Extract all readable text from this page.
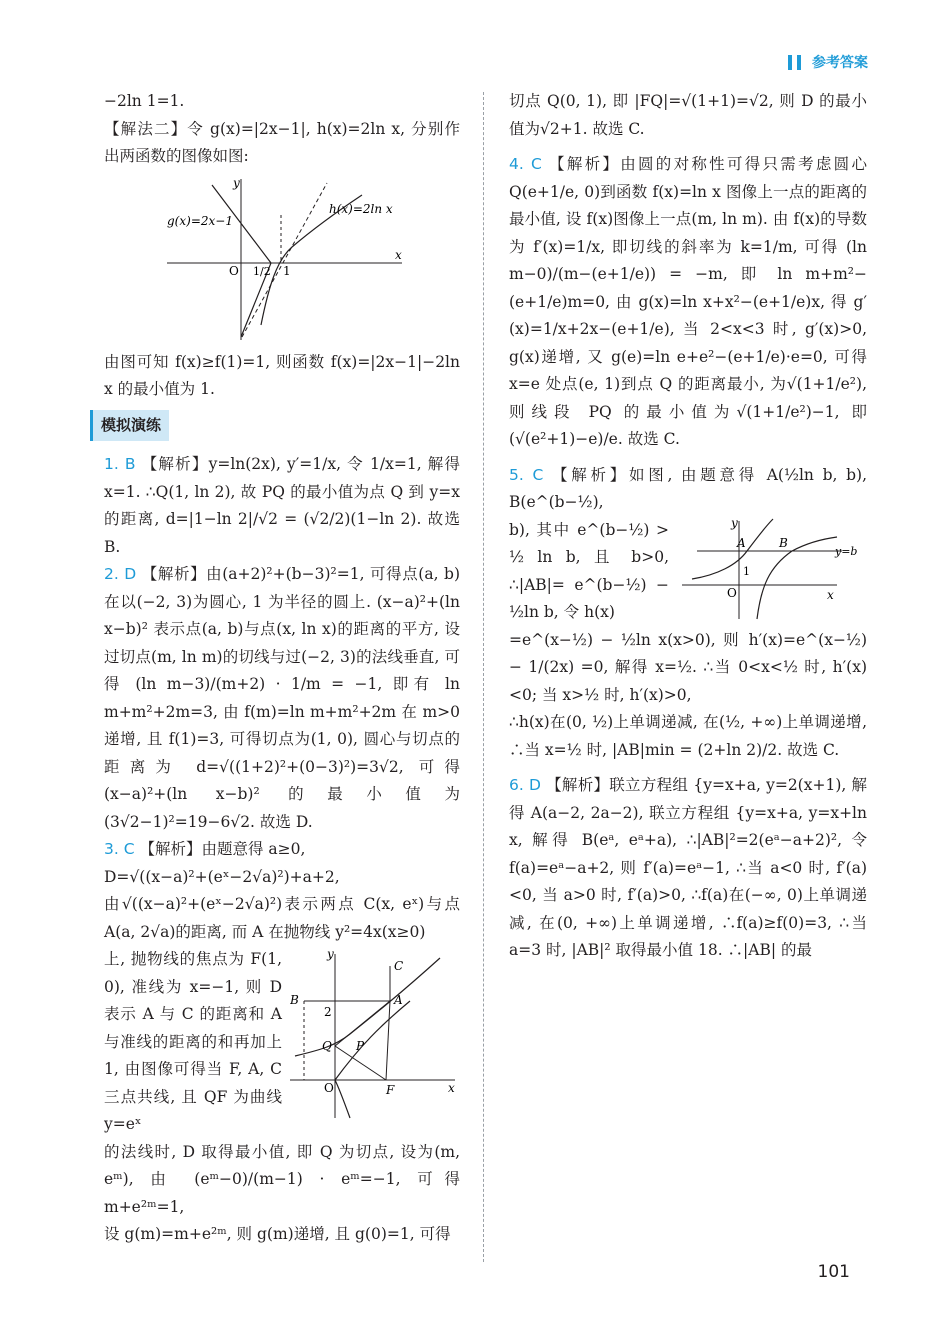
参考答案

−2ln 1=1.

【解法二】令 g(x)=|2x−1|, h(x)=2ln x, 分别作出两函数的图像如图:

g(x)=2x−1
h(x)=2ln x
O 1/2 1
x
y

由图可知 f(x)≥f(1)=1, 则函数 f(x)=|2x−1|−2ln x 的最小值为 1.

模拟演练

1. B 【解析】y=ln(2x), y′=1/x, 令 1/x=1, 解得 x=1. ∴Q(1, ln 2), 故 PQ 的最小值为点 Q 到 y=x 的距离, d=|1−ln 2|/√2 = (√2/2)(1−ln 2). 故选 B.

2. D 【解析】由(a+2)²+(b−3)²=1, 可得点(a, b)在以(−2, 3)为圆心, 1 为半径的圆上. (x−a)²+(ln x−b)² 表示点(a, b)与点(x, ln x)的距离的平方, 设过切点(m, ln m)的切线与过(−2, 3)的法线垂直, 可得 (ln m−3)/(m+2) · 1/m = −1, 即有 ln m+m²+2m=3, 由 f(m)=ln m+m²+2m 在 m>0 递增, 且 f(1)=3, 可得切点为(1, 0), 圆心与切点的距离为 d=√((1+2)²+(0−3)²)=3√2, 可得(x−a)²+(ln x−b)² 的最小值为(3√2−1)²=19−6√2. 故选 D.

3. C 【解析】由题意得 a≥0,

D=√((x−a)²+(eˣ−2√a)²)+a+2,

由√((x−a)²+(eˣ−2√a)²)表示两点 C(x, eˣ)与点 A(a, 2√a)的距离, 而 A 在抛物线 y²=4x(x≥0)

y
x
O
B
C
A
Q P
F
2

上, 抛物线的焦点为 F(1, 0), 准线为 x=−1, 则 D 表示 A 与 C 的距离和 A 与准线的距离的和再加上 1, 由图像可得当 F, A, C 三点共线, 且 QF 为曲线 y=eˣ

的法线时, D 取得最小值, 即 Q 为切点, 设为(m, eᵐ), 由 (eᵐ−0)/(m−1) · eᵐ=−1, 可得 m+e²ᵐ=1,

设 g(m)=m+e²ᵐ, 则 g(m)递增, 且 g(0)=1, 可得

切点 Q(0, 1), 即 |FQ|=√(1+1)=√2, 则 D 的最小值为√2+1. 故选 C.

4. C 【解析】由圆的对称性可得只需考虑圆心 Q(e+1/e, 0)到函数 f(x)=ln x 图像上一点的距离的最小值, 设 f(x)图像上一点(m, ln m). 由 f(x)的导数为 f′(x)=1/x, 即切线的斜率为 k=1/m, 可得 (ln m−0)/(m−(e+1/e)) = −m, 即 ln m+m²−(e+1/e)m=0, 由 g(x)=ln x+x²−(e+1/e)x, 得 g′(x)=1/x+2x−(e+1/e), 当 2<x<3 时, g′(x)>0, g(x)递增, 又 g(e)=ln e+e²−(e+1/e)·e=0, 可得 x=e 处点(e, 1)到点 Q 的距离最小, 为√(1+1/e²), 则线段 PQ 的最小值为√(1+1/e²)−1, 即 (√(e²+1)−e)/e. 故选 C.

5. C 【解析】如图, 由题意得 A(½ln b, b), B(e^(b−½),

y
x
O
A	B
1
y=b

b), 其中 e^(b−½) > ½ ln b, 且 b>0, ∴|AB|= e^(b−½) − ½ln b, 令 h(x)

=e^(x−½) − ½ln x(x>0), 则 h′(x)=e^(x−½) − 1/(2x) =0, 解得 x=½. ∴当 0<x<½ 时, h′(x)<0; 当 x>½ 时, h′(x)>0,

∴h(x)在(0, ½)上单调递减, 在(½, +∞)上单调递增, ∴当 x=½ 时, |AB|min = (2+ln 2)/2. 故选 C.

6. D 【解析】联立方程组 {y=x+a, y=2(x+1), 解得 A(a−2, 2a−2), 联立方程组 {y=x+a, y=x+ln x, 解得 B(eᵃ, eᵃ+a), ∴|AB|²=2(eᵃ−a+2)², 令 f(a)=eᵃ−a+2, 则 f′(a)=eᵃ−1, ∴当 a<0 时, f′(a)<0, 当 a>0 时, f′(a)>0, ∴f(a)在(−∞, 0)上单调递减, 在(0, +∞)上单调递增, ∴f(a)≥f(0)=3, ∴当 a=3 时, |AB|² 取得最小值 18. ∴|AB| 的最

101
